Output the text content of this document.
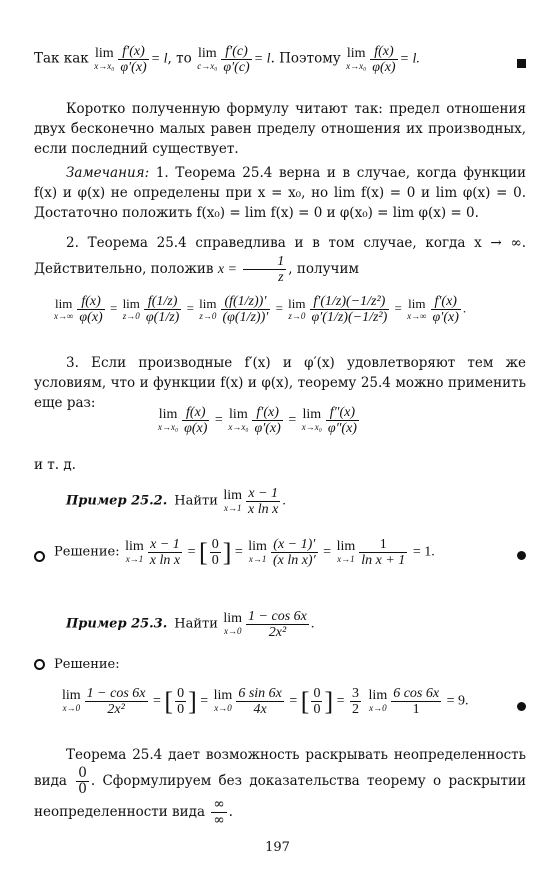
Так как lim
$x\to x_0 \frac{f'(x)}{\varphi'(x)} = l$, то lim
$c\to x_0 \frac{f'(c)}{\varphi'(c)} = l$. Поэтому lim
$x\to x_0 \frac{f(x)}{\varphi(x)} = l$.
Коротко полученную формулу читают так: предел отношения двух бесконечно малых равен пределу отношения их производных, если последний существует.
Замечания: 1. Теорема 25.4 верна и в случае, когда функции f(x) и φ(x) не определены при x = x₀, но lim f(x) = 0 и lim φ(x) = 0. Достаточно положить f(x₀) = lim f(x) = 0 и φ(x₀) = lim φ(x) = 0.
2. Теорема 25.4 справедлива и в том случае, когда x → ∞. Действительно, положив $x = \frac{1}{z}$ , получим
lim
$x\to\infty \frac{f(x)}{\varphi(x)} = \lim$
$z\to 0 \frac{f(1/z)}{\varphi(1/z)} = \lim$
$z\to 0 \frac{(f(1/z))'}{(\varphi(1/z))'} = \lim$
$z\to 0 \frac{\text{f′(1/z)(−1/z²)}}{\text{φ′(1/z)(−1/z²)}} = \lim$
$x\to\infty \frac{f'(x)}{\varphi'(x)}$ .
3. Если производные f′(x) и φ′(x) удовлетворяют тем же условиям, что и функции f(x) и φ(x), теорему 25.4 можно применить еще раз:
lim
$x\to x_0 \frac{f(x)}{\varphi(x)} = \lim$
$x\to x_0 \frac{f'(x)}{\varphi'(x)} = \lim$
$x\to x_0 \frac{f''(x)}{\varphi''(x)}$
и т. д.
Пример 25.2. Найти lim
$x\to 1 \frac{x - 1}{\text{x ln x}}$ .
Решение: lim
$x\to 1 \frac{x - 1}{\text{x ln x}}$ = [ $\frac{0}{0}$ ] = lim
$x\to 1 \frac{(x - 1)'}{\text{(x ln x)′}} = \lim$
$x\to 1 \frac{1}{\text{ln x + 1}} = 1$.
Пример 25.3. Найти lim
$x\to 0 \frac{1 - \cos 6x}{\text{2x²}}$ .
Решение:
lim
$x\to 0 \frac{1 - \cos 6x}{\text{2x²}}$ = [ $\frac{0}{0}$ ] = lim
$x\to 0 \frac{6 \sin 6x}{4x}$ = [ $\frac{0}{0}$ ] = $\frac{3}{2}$
lim
$x\to 0 \frac{6 \cos 6x}{1} = 9$.
Теорема 25.4 дает возможность раскрывать неопределенность вида $\frac{0}{0}$ . Сформулируем без доказательства теорему о раскрытии неопределенности вида $\frac{\infty}{\infty}$ .
197
